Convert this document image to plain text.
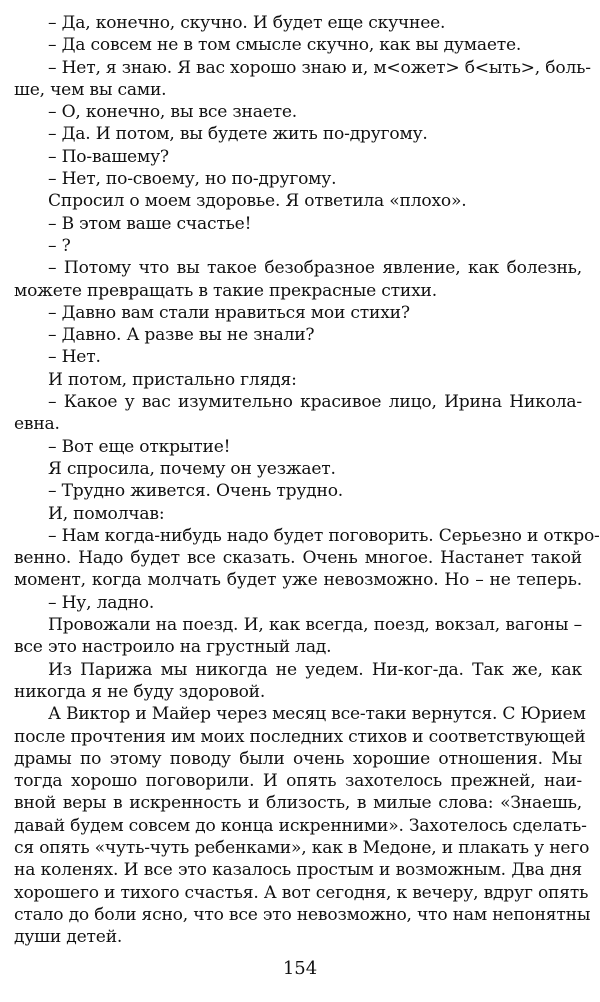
– Да, конечно, скучно. И будет еще скучнее.
– Да совсем не в том смысле скучно, как вы думаете.
– Нет, я знаю. Я вас хорошо знаю и, м<ожет> б<ыть>, боль-
ше, чем вы сами.
– О, конечно, вы все знаете.
– Да. И потом, вы будете жить по-другому.
– По-вашему?
– Нет, по-своему, но по-другому.
Спросил о моем здоровье. Я ответила «плохо».
– В этом ваше счастье!
– ?
– Потому что вы такое безобразное явление, как болезнь,
можете превращать в такие прекрасные стихи.
– Давно вам стали нравиться мои стихи?
– Давно. А разве вы не знали?
– Нет.
И потом, пристально глядя:
– Какое у вас изумительно красивое лицо, Ирина Никола-
евна.
– Вот еще открытие!
Я спросила, почему он уезжает.
– Трудно живется. Очень трудно.
И, помолчав:
– Нам когда-нибудь надо будет поговорить. Серьезно и откро-
венно. Надо будет все сказать. Очень многое. Настанет такой
момент, когда молчать будет уже невозможно. Но – не теперь.
– Ну, ладно.
Провожали на поезд. И, как всегда, поезд, вокзал, вагоны –
все это настроило на грустный лад.
Из Парижа мы никогда не уедем. Ни-ког-да. Так же, как
никогда я не буду здоровой.
А Виктор и Майер через месяц все-таки вернутся. С Юрием
после прочтения им моих последних стихов и соответствующей
драмы по этому поводу были очень хорошие отношения. Мы
тогда хорошо поговорили. И опять захотелось прежней, наи-
вной веры в искренность и близость, в милые слова: «Знаешь,
давай будем совсем до конца искренними». Захотелось сделать-
ся опять «чуть-чуть ребенками», как в Медоне, и плакать у него
на коленях. И все это казалось простым и возможным. Два дня
хорошего и тихого счастья. А вот сегодня, к вечеру, вдруг опять
стало до боли ясно, что все это невозможно, что нам непонятны
души детей.
154
